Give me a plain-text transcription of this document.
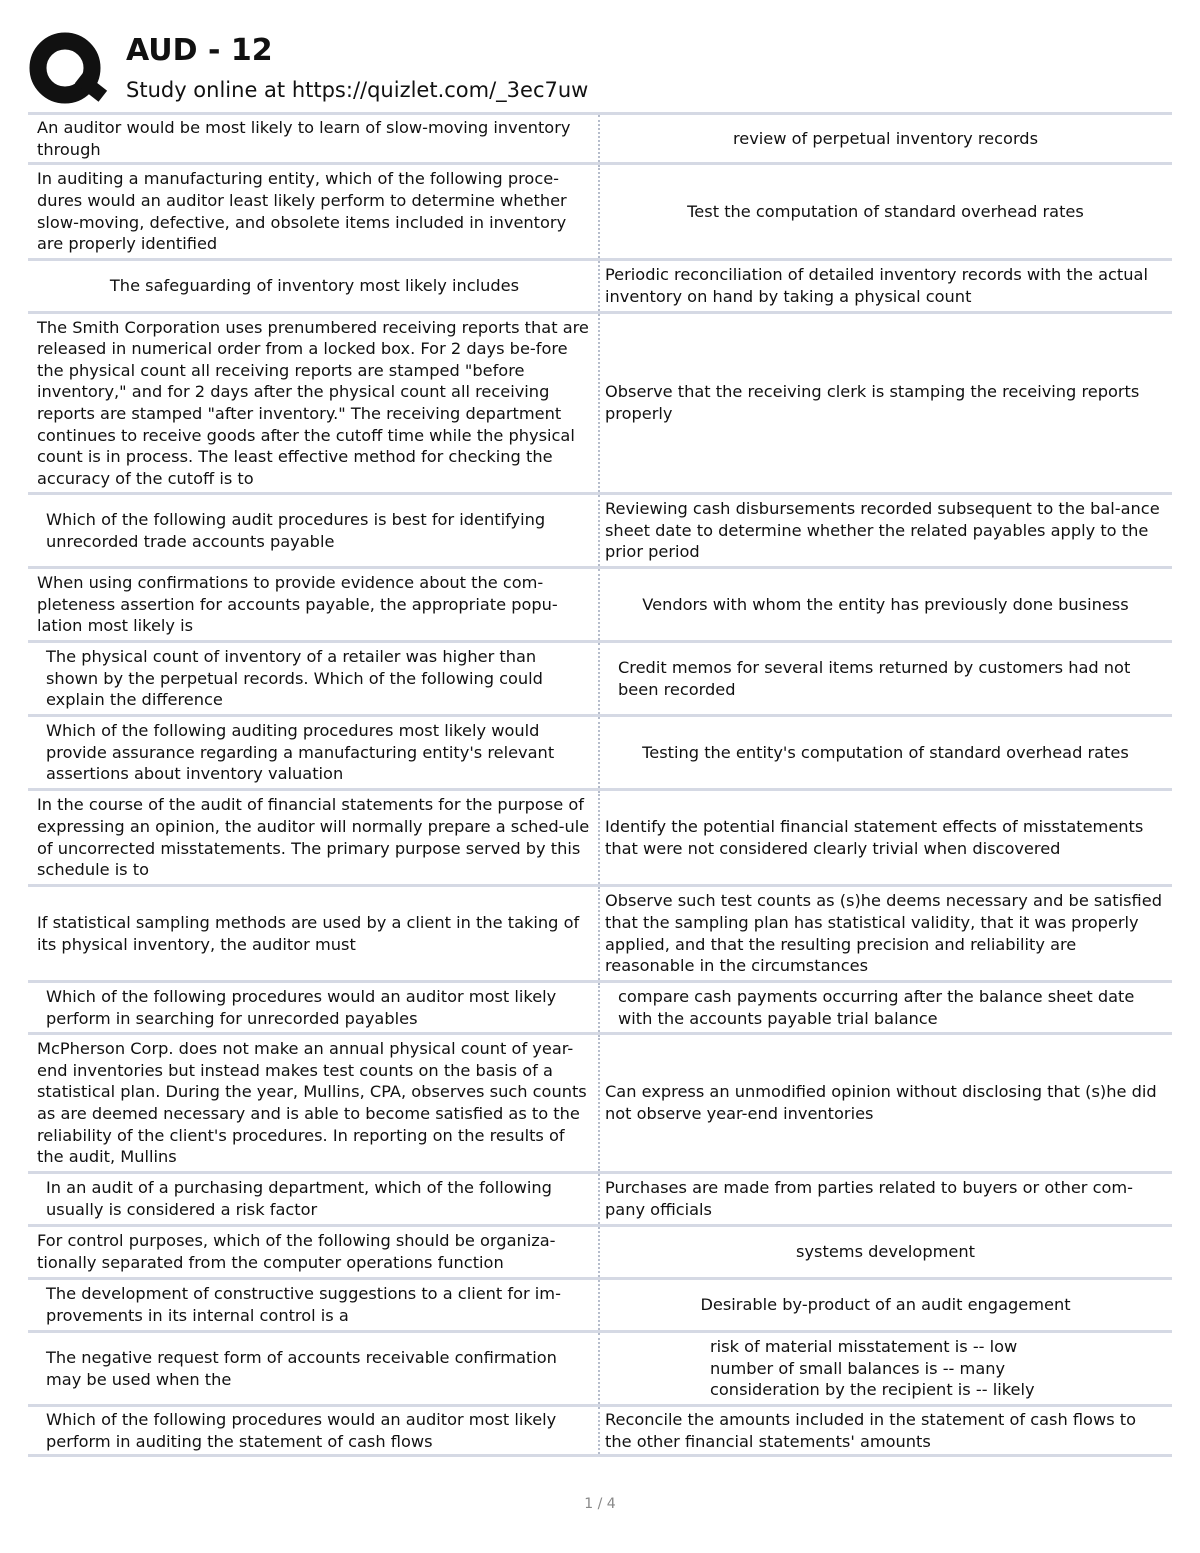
AUD - 12
Study online at https://quizlet.com/_3ec7uw
An auditor would be most likely to learn of slow-moving inventory through
review of perpetual inventory records
In auditing a manufacturing entity, which of the following proce-dures would an auditor least likely perform to determine whether slow-moving, defective, and obsolete items included in inventory are properly identified
Test the computation of standard overhead rates
The safeguarding of inventory most likely includes
Periodic reconciliation of detailed inventory records with the actual inventory on hand by taking a physical count
The Smith Corporation uses prenumbered receiving reports that are released in numerical order from a locked box. For 2 days be-fore the physical count all receiving reports are stamped "before inventory," and for 2 days after the physical count all receiving reports are stamped "after inventory." The receiving department continues to receive goods after the cutoff time while the physical count is in process. The least effective method for checking the accuracy of the cutoff is to
Observe that the receiving clerk is stamping the receiving reports properly
Which of the following audit procedures is best for identifying unrecorded trade accounts payable
Reviewing cash disbursements recorded subsequent to the bal-ance sheet date to determine whether the related payables apply to the prior period
When using confirmations to provide evidence about the com-pleteness assertion for accounts payable, the appropriate popu-lation most likely is
Vendors with whom the entity has previously done business
The physical count of inventory of a retailer was higher than shown by the perpetual records. Which of the following could explain the difference
Credit memos for several items returned by customers had not been recorded
Which of the following auditing procedures most likely would provide assurance regarding a manufacturing entity's relevant assertions about inventory valuation
Testing the entity's computation of standard overhead rates
In the course of the audit of financial statements for the purpose of expressing an opinion, the auditor will normally prepare a sched-ule of uncorrected misstatements. The primary purpose served by this schedule is to
Identify the potential financial statement effects of misstatements that were not considered clearly trivial when discovered
If statistical sampling methods are used by a client in the taking of its physical inventory, the auditor must
Observe such test counts as (s)he deems necessary and be satisfied that the sampling plan has statistical validity, that it was properly applied, and that the resulting precision and reliability are reasonable in the circumstances
Which of the following procedures would an auditor most likely perform in searching for unrecorded payables
compare cash payments occurring after the balance sheet date with the accounts payable trial balance
McPherson Corp. does not make an annual physical count of year-end inventories but instead makes test counts on the basis of a statistical plan. During the year, Mullins, CPA, observes such counts as are deemed necessary and is able to become satisfied as to the reliability of the client's procedures. In reporting on the results of the audit, Mullins
Can express an unmodified opinion without disclosing that (s)he did not observe year-end inventories
In an audit of a purchasing department, which of the following usually is considered a risk factor
Purchases are made from parties related to buyers or other com-pany officials
For control purposes, which of the following should be organiza-tionally separated from the computer operations function
systems development
The development of constructive suggestions to a client for im-provements in its internal control is a
Desirable by-product of an audit engagement
The negative request form of accounts receivable confirmation may be used when the
risk of material misstatement is -- low
number of small balances is -- many
consideration by the recipient is -- likely
Which of the following procedures would an auditor most likely perform in auditing the statement of cash flows
Reconcile the amounts included in the statement of cash flows to the other financial statements' amounts
1 / 4
